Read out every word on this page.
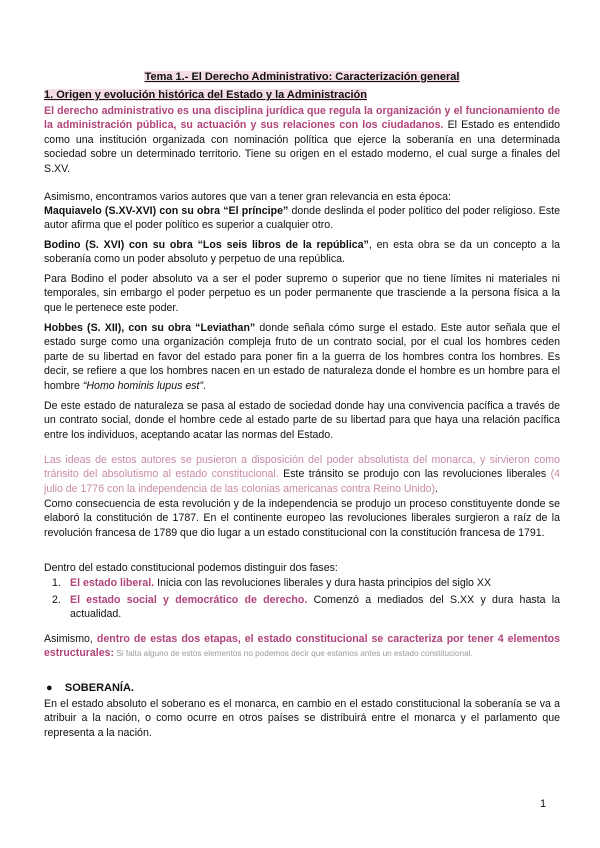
Tema 1.- El Derecho Administrativo: Caracterización general
1. Origen y evolución histórica del Estado y la Administración

El derecho administrativo es una disciplina jurídica que regula la organización y el funcionamiento de la administración pública, su actuación y sus relaciones con los ciudadanos. El Estado es entendido como una institución organizada con nominación política que ejerce la soberanía en una determinada sociedad sobre un determinado territorio. Tiene su origen en el estado moderno, el cual surge a finales del S.XV.

Asimismo, encontramos varios autores que van a tener gran relevancia en esta época:

Maquiavelo (S.XV-XVI) con su obra “El príncipe” donde deslinda el poder político del poder religioso. Este autor afirma que el poder político es superior a cualquier otro.

Bodino (S. XVI) con su obra “Los seis libros de la república”, en esta obra se da un concepto a la soberanía como un poder absoluto y perpetuo de una república.

Para Bodino el poder absoluto va a ser el poder supremo o superior que no tiene límites ni materiales ni temporales, sin embargo el poder perpetuo es un poder permanente que trasciende a la persona física a la que le pertenece este poder.

Hobbes (S. XII), con su obra “Leviathan” donde señala cómo surge el estado. Este autor señala que el estado surge como una organización compleja fruto de un contrato social, por el cual los hombres ceden parte de su libertad en favor del estado para poner fin a la guerra de los hombres contra los hombres. Es decir, se refiere a que los hombres nacen en un estado de naturaleza donde el hombre es un hombre para el hombre “Homo hominis lupus est”.

De este estado de naturaleza se pasa al estado de sociedad donde hay una convivencia pacífica a través de un contrato social, donde el hombre cede al estado parte de su libertad para que haya una relación pacífica entre los individuos, aceptando acatar las normas del Estado.

Las ideas de estos autores se pusieron a disposición del poder absolutista del monarca, y sirvieron como tránsito del absolutismo al estado constitucional. Este tránsito se produjo con las revoluciones liberales (4 julio de 1776 con la independencia de las colonias americanas contra Reino Unido).

Como consecuencia de esta revolución y de la independencia se produjo un proceso constituyente donde se elaboró la constitución de 1787. En el continente europeo las revoluciones liberales surgieron a raíz de la revolución francesa de 1789 que dio lugar a un estado constitucional con la constitución francesa de 1791.

Dentro del estado constitucional podemos distinguir dos fases:

1. El estado liberal. Inicia con las revoluciones liberales y dura hasta principios del siglo XX
2. El estado social y democrático de derecho. Comenzó a mediados del S.XX y dura hasta la actualidad.

Asimismo, dentro de estas dos etapas, el estado constitucional se caracteriza por tener 4 elementos estructurales: Si falta alguno de estos elementos no podemos decir que estamos antes un estado constitucional.

● SOBERANÍA.

En el estado absoluto el soberano es el monarca, en cambio en el estado constitucional la soberanía se va a atribuir a la nación, o como ocurre en otros países se distribuirá entre el monarca y el parlamento que representa a la nación.

1
